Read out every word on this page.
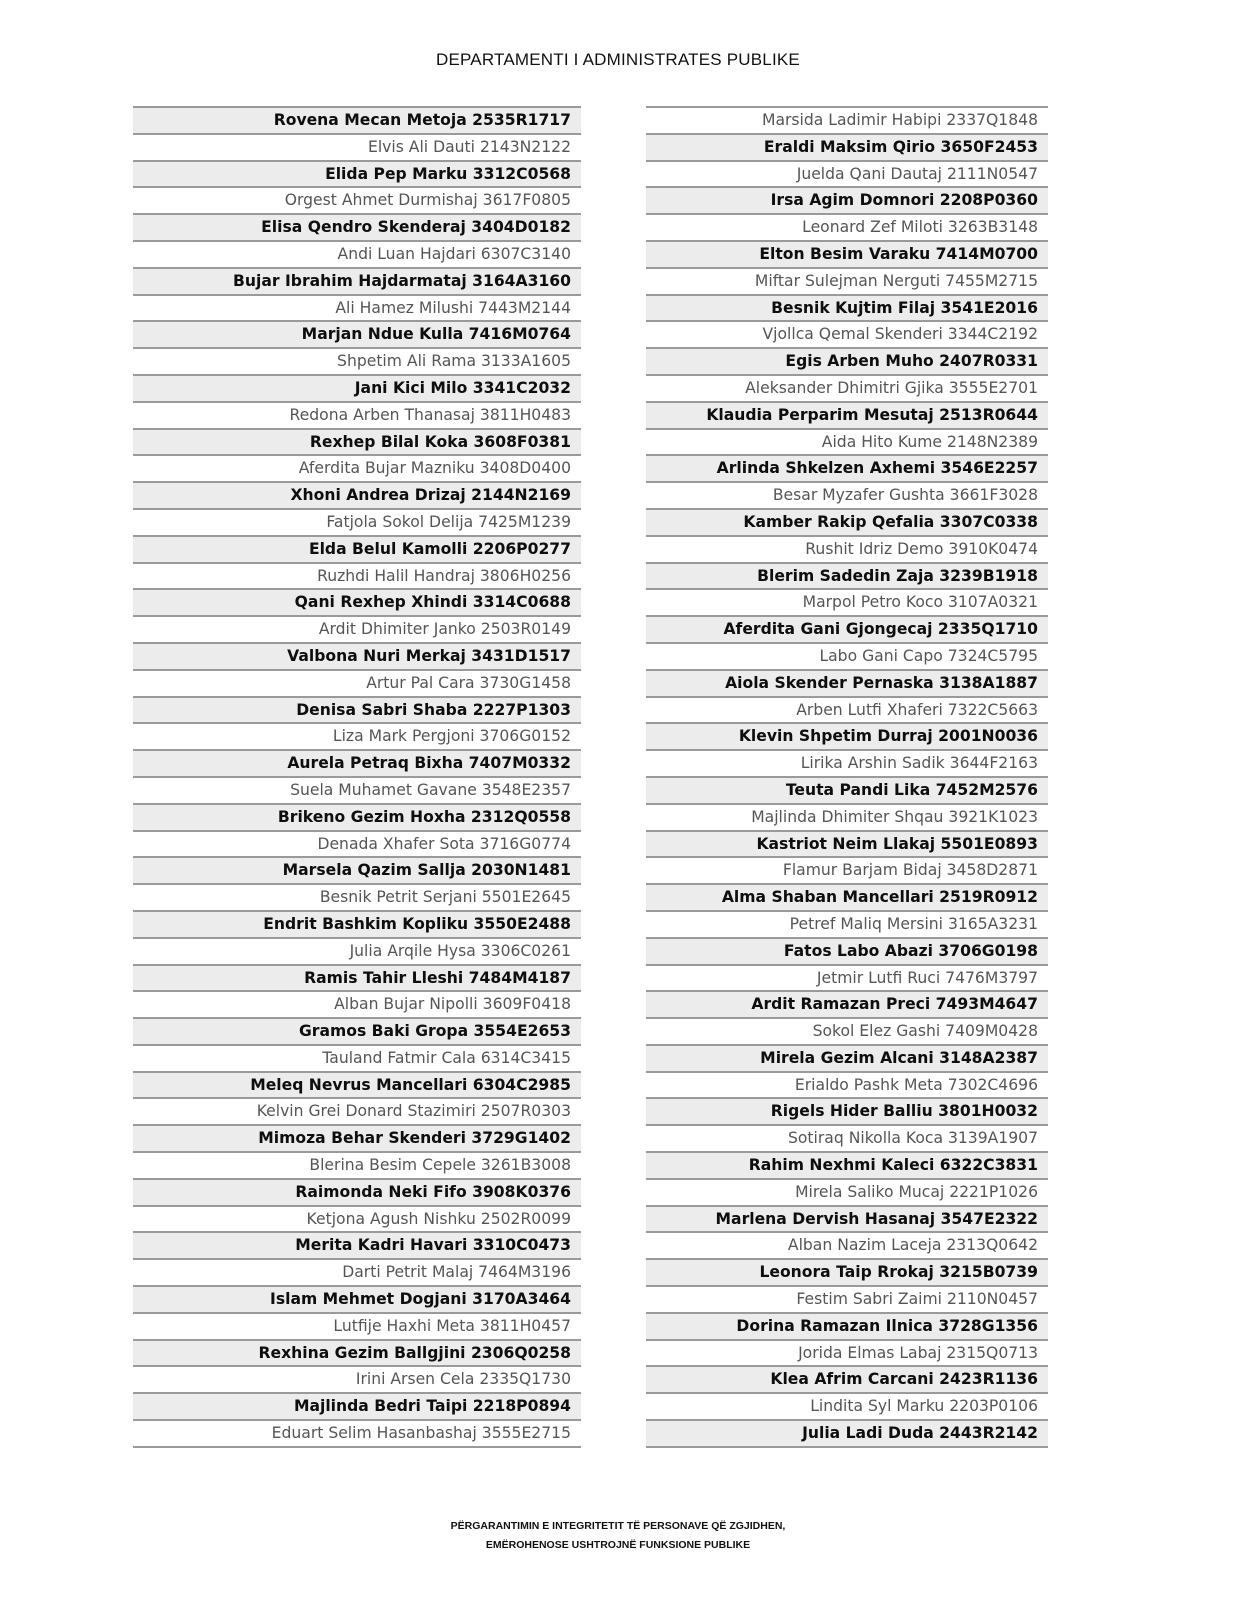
DEPARTAMENTI I ADMINISTRATES PUBLIKE
Rovena Mecan Metoja 2535R1717
Elvis Ali Dauti 2143N2122
Elida Pep Marku 3312C0568
Orgest Ahmet Durmishaj 3617F0805
Elisa Qendro Skenderaj 3404D0182
Andi Luan Hajdari 6307C3140
Bujar Ibrahim Hajdarmataj 3164A3160
Ali Hamez Milushi 7443M2144
Marjan Ndue Kulla 7416M0764
Shpetim Ali Rama 3133A1605
Jani Kici Milo 3341C2032
Redona Arben Thanasaj 3811H0483
Rexhep Bilal Koka 3608F0381
Aferdita Bujar Mazniku 3408D0400
Xhoni Andrea Drizaj 2144N2169
Fatjola Sokol Delija 7425M1239
Elda Belul Kamolli 2206P0277
Ruzhdi Halil Handraj 3806H0256
Qani Rexhep Xhindi 3314C0688
Ardit Dhimiter Janko 2503R0149
Valbona Nuri Merkaj 3431D1517
Artur Pal Cara 3730G1458
Denisa Sabri Shaba 2227P1303
Liza Mark Pergjoni 3706G0152
Aurela Petraq Bixha 7407M0332
Suela Muhamet Gavane 3548E2357
Brikeno Gezim Hoxha 2312Q0558
Denada Xhafer Sota 3716G0774
Marsela Qazim Sallja 2030N1481
Besnik Petrit Serjani 5501E2645
Endrit Bashkim Kopliku 3550E2488
Julia Arqile Hysa 3306C0261
Ramis Tahir Lleshi 7484M4187
Alban Bujar Nipolli 3609F0418
Gramos Baki Gropa 3554E2653
Tauland Fatmir Cala 6314C3415
Meleq Nevrus Mancellari 6304C2985
Kelvin Grei Donard Stazimiri 2507R0303
Mimoza Behar Skenderi 3729G1402
Blerina Besim Cepele 3261B3008
Raimonda Neki Fifo 3908K0376
Ketjona Agush Nishku 2502R0099
Merita Kadri Havari 3310C0473
Darti Petrit Malaj 7464M3196
Islam Mehmet Dogjani 3170A3464
Lutfije Haxhi Meta 3811H0457
Rexhina Gezim Ballgjini 2306Q0258
Irini Arsen Cela 2335Q1730
Majlinda Bedri Taipi 2218P0894
Eduart Selim Hasanbashaj 3555E2715
Marsida Ladimir Habipi 2337Q1848
Eraldi Maksim Qirio 3650F2453
Juelda Qani Dautaj 2111N0547
Irsa Agim Domnori 2208P0360
Leonard Zef Miloti 3263B3148
Elton Besim Varaku 7414M0700
Miftar Sulejman Nerguti 7455M2715
Besnik Kujtim Filaj 3541E2016
Vjollca Qemal Skenderi 3344C2192
Egis Arben Muho 2407R0331
Aleksander Dhimitri Gjika 3555E2701
Klaudia Perparim Mesutaj 2513R0644
Aida Hito Kume 2148N2389
Arlinda Shkelzen Axhemi 3546E2257
Besar Myzafer Gushta 3661F3028
Kamber Rakip Qefalia 3307C0338
Rushit Idriz Demo 3910K0474
Blerim Sadedin Zaja 3239B1918
Marpol Petro Koco 3107A0321
Aferdita Gani Gjongecaj 2335Q1710
Labo Gani Capo 7324C5795
Aiola Skender Pernaska 3138A1887
Arben Lutfi Xhaferi 7322C5663
Klevin Shpetim Durraj 2001N0036
Lirika Arshin Sadik 3644F2163
Teuta Pandi Lika 7452M2576
Majlinda Dhimiter Shqau 3921K1023
Kastriot Neim Llakaj 5501E0893
Flamur Barjam Bidaj 3458D2871
Alma Shaban Mancellari 2519R0912
Petref Maliq Mersini 3165A3231
Fatos Labo Abazi 3706G0198
Jetmir Lutfi Ruci 7476M3797
Ardit Ramazan Preci 7493M4647
Sokol Elez Gashi 7409M0428
Mirela Gezim Alcani 3148A2387
Erialdo Pashk Meta 7302C4696
Rigels Hider Balliu 3801H0032
Sotiraq Nikolla Koca 3139A1907
Rahim Nexhmi Kaleci 6322C3831
Mirela Saliko Mucaj 2221P1026
Marlena Dervish Hasanaj 3547E2322
Alban Nazim Laceja 2313Q0642
Leonora Taip Rrokaj 3215B0739
Festim Sabri Zaimi 2110N0457
Dorina Ramazan Ilnica 3728G1356
Jorida Elmas Labaj 2315Q0713
Klea Afrim Carcani 2423R1136
Lindita Syl Marku 2203P0106
Julia Ladi Duda 2443R2142
PËRGARANTIMIN E INTEGRITETIT TË PERSONAVE QË ZGJIDHEN,
EMËROHENOSE USHTROJNË FUNKSIONE PUBLIKE
